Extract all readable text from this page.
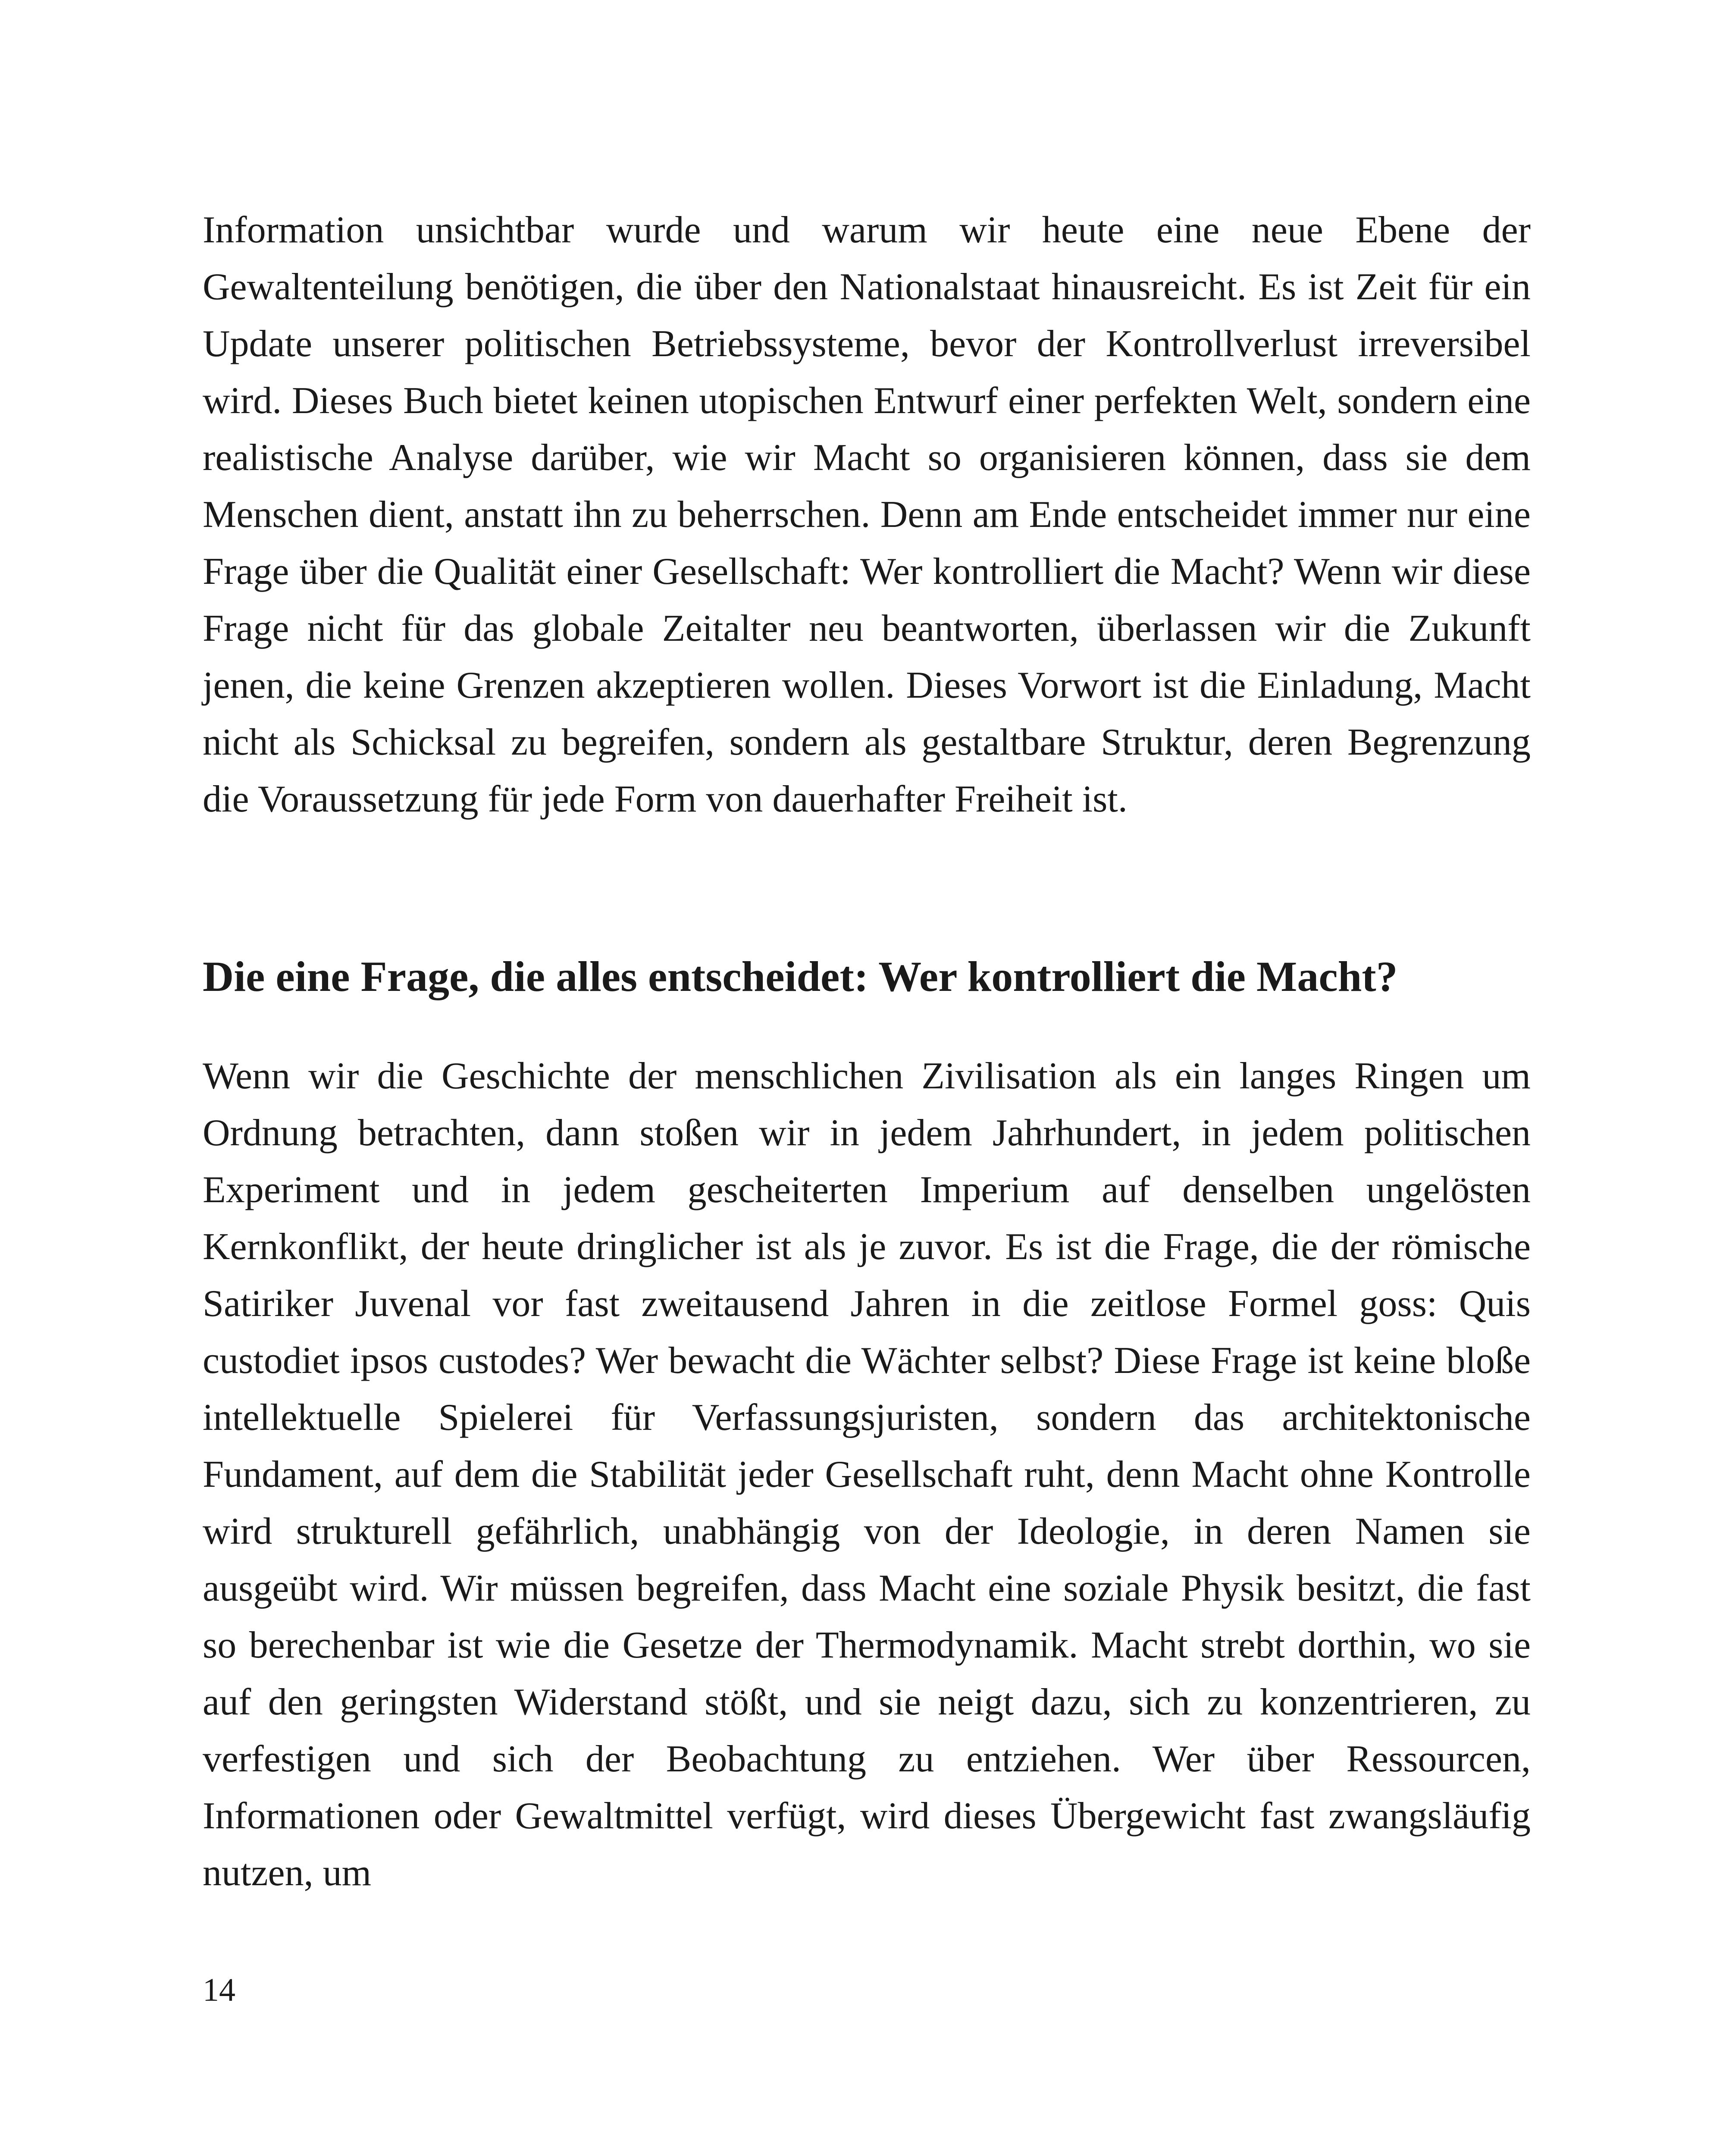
Information unsichtbar wurde und warum wir heute eine neue Ebene der Gewaltenteilung benötigen, die über den Nationalstaat hinausreicht. Es ist Zeit für ein Update unserer politischen Betriebssysteme, bevor der Kontrollverlust irreversibel wird. Dieses Buch bietet keinen utopischen Entwurf einer perfekten Welt, sondern eine realistische Analyse darüber, wie wir Macht so organisieren können, dass sie dem Menschen dient, anstatt ihn zu beherrschen. Denn am Ende entscheidet immer nur eine Frage über die Qualität einer Gesellschaft: Wer kontrolliert die Macht? Wenn wir diese Frage nicht für das globale Zeitalter neu beantworten, überlassen wir die Zukunft jenen, die keine Grenzen akzeptieren wollen. Dieses Vorwort ist die Einladung, Macht nicht als Schicksal zu begreifen, sondern als gestaltbare Struktur, deren Begrenzung die Voraussetzung für jede Form von dauerhafter Freiheit ist.

Die eine Frage, die alles entscheidet: Wer kontrolliert die Macht?

Wenn wir die Geschichte der menschlichen Zivilisation als ein langes Ringen um Ordnung betrachten, dann stoßen wir in jedem Jahrhundert, in jedem politischen Experiment und in jedem gescheiterten Imperium auf denselben ungelösten Kernkonflikt, der heute dringlicher ist als je zuvor. Es ist die Frage, die der römische Satiriker Juvenal vor fast zweitausend Jahren in die zeitlose Formel goss: Quis custodiet ipsos custodes? Wer bewacht die Wächter selbst? Diese Frage ist keine bloße intellektuelle Spielerei für Verfassungsjuristen, sondern das architektonische Fundament, auf dem die Stabilität jeder Gesellschaft ruht, denn Macht ohne Kontrolle wird strukturell gefährlich, unabhängig von der Ideologie, in deren Namen sie ausgeübt wird. Wir müssen begreifen, dass Macht eine soziale Physik besitzt, die fast so berechenbar ist wie die Gesetze der Thermodynamik. Macht strebt dorthin, wo sie auf den geringsten Widerstand stößt, und sie neigt dazu, sich zu konzentrieren, zu verfestigen und sich der Beobachtung zu entziehen. Wer über Ressourcen, Informationen oder Gewaltmittel verfügt, wird dieses Übergewicht fast zwangsläufig nutzen, um

14
